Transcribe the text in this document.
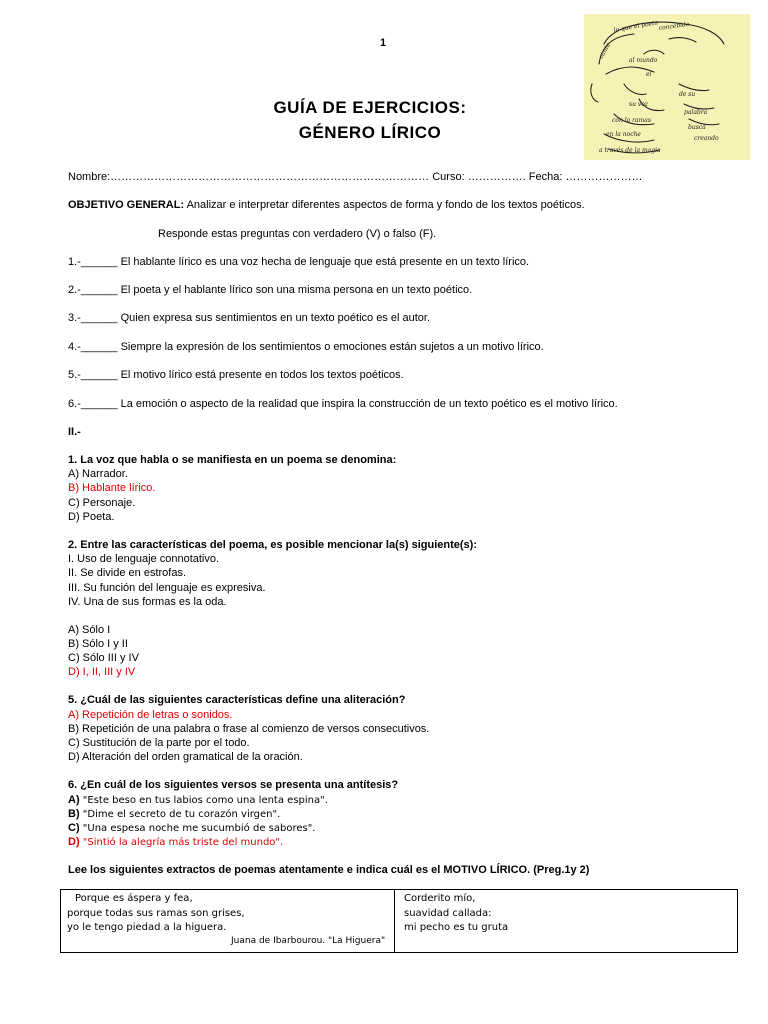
1
GUÍA DE EJERCICIOS:
GÉNERO LÍRICO
lo que el poeta concebido
cante
al mundo
el
su voz
con la ramas
en la noche
a través de la magia
de su
palabra
busca
creando
Nombre:…………………………………………………………………………… Curso: ……………. Fecha: …………………
OBJETIVO GENERAL: Analizar e interpretar diferentes aspectos de forma y fondo de los textos poéticos.
Responde estas preguntas con verdadero (V) o falso (F).
1.-______ El hablante lírico es una voz hecha de lenguaje que está presente en un texto lírico.
2.-______ El poeta y el hablante lírico son una misma persona en un texto poético.
3.-______ Quien expresa sus sentimientos en un texto poético es el autor.
4.-______ Siempre la expresión de los sentimientos o emociones están sujetos a un motivo lírico.
5.-______ El motivo lírico está presente en todos los textos poéticos.
6.-______ La emoción o aspecto de la realidad que inspira la construcción de un texto poético es el motivo lírico.
II.-
1. La voz que habla o se manifiesta en un poema se denomina:
A) Narrador.
B) Hablante lírico.
C) Personaje.
D) Poeta.
2. Entre las características del poema, es posible mencionar la(s) siguiente(s):
I. Uso de lenguaje connotativo.
II. Se divide en estrofas.
III. Su función del lenguaje es expresiva.
IV. Una de sus formas es la oda.
A) Sólo I
B) Sólo I y II
C) Sólo III y IV
D) I, II, III y IV
5. ¿Cuál de las siguientes características define una aliteración?
A) Repetición de letras o sonidos.
B) Repetición de una palabra o frase al comienzo de versos consecutivos.
C) Sustitución de la parte por el todo.
D) Alteración del orden gramatical de la oración.
6. ¿En cuál de los siguientes versos se presenta una antítesis?
A) "Este beso en tus labios como una lenta espina".
B) "Dime el secreto de tu corazón virgen".
C) "Una espesa noche me sucumbió de sabores".
D) "Sintió la alegría más triste del mundo".
Lee los siguientes extractos de poemas atentamente e indica cuál es el MOTIVO LÍRICO. (Preg.1y 2)
Porque es áspera y fea,
porque todas sus ramas son grises,
yo le tengo piedad a la higuera.
Juana de Ibarbourou. "La Higuera"
Corderito mío,
suavidad callada:
mi pecho es tu gruta
